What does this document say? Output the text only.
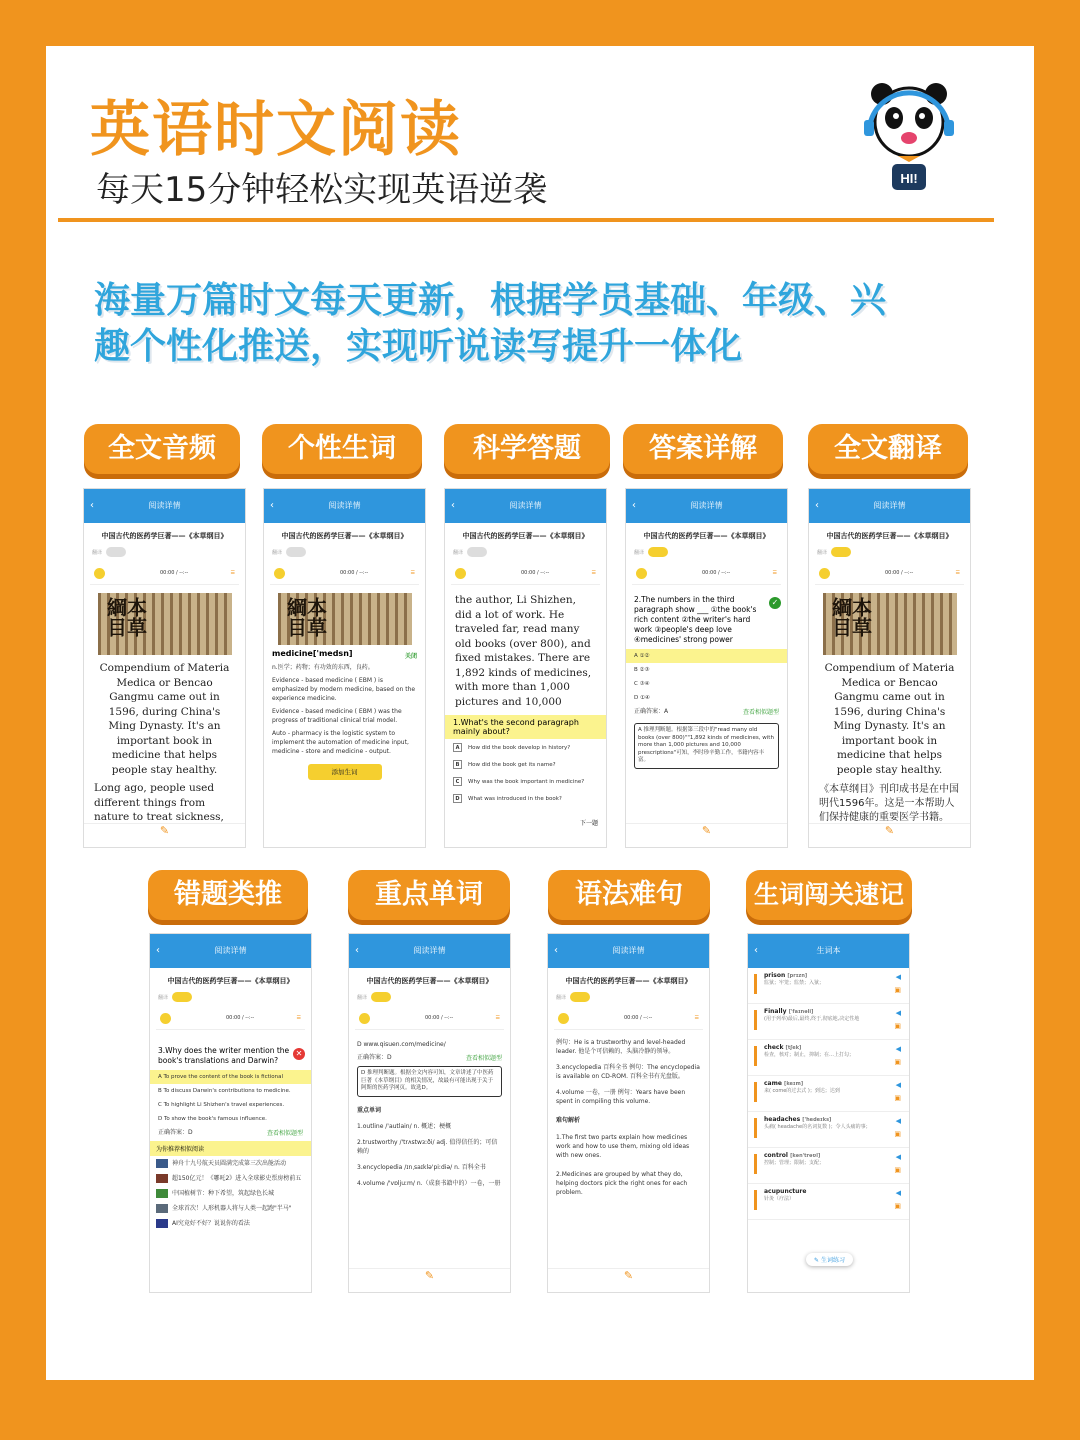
英语时文阅读
每天15分钟轻松实现英语逆袭	HI!
海量万篇时文每天更新，根据学员基础、年级、兴
趣个性化推送，实现听说读写提升一体化
全文音频
‹	阅读详情
中国古代的医药学巨著——《本草纲目》
翻译
00:00 / --:--	☰
本草綱目
Compendium of Materia Medica or Bencao Gangmu came out in 1596, during China's Ming Dynasty. It's an important book in medicine that helps people stay healthy.
Long ago, people used different things from nature to treat sickness,
✎
个性生词
‹	阅读详情
中国古代的医药学巨著——《本草纲目》
翻译
00:00 / --:--	☰
本草綱目
medicine['medsn]	关闭
n.医学；药物；有功效的东西，良药。
Evidence - based medicine ( EBM ) is emphasized by modern medicine, based on the experience medicine.
Evidence - based medicine ( EBM ) was the progress of traditional clinical trial model.
Auto - pharmacy is the logistic system to implement the automation of medicine input, medicine - store and medicine - output.
添加生词
科学答题
‹	阅读详情
中国古代的医药学巨著——《本草纲目》
翻译
00:00 / --:--	☰
the author, Li Shizhen, did a lot of work. He traveled far, read many old books (over 800), and fixed mistakes. There are 1,892 kinds of medicines, with more than 1,000 pictures and 10,000
1.What's the second paragraph mainly about?
A How did the book develop in history?
B How did the book get its name?
C Why was the book important in medicine?
D What was introduced in the book?
下一题
答案详解
‹	阅读详情
中国古代的医药学巨著——《本草纲目》
翻译
00:00 / --:--	☰
2.The numbers in the third paragraph show ___ ①the book's rich content ②the writer's hard work ③people's deep love ④medicines' strong power
✓
A ①②
B ②③
C ③④
D ①④
正确答案：A	查看相似题型
A 推理判断题。根据第三段中的"read many old books (over 800)""1,892 kinds of medicines, with more than 1,000 pictures and 10,000 prescriptions"可知，李时珍辛勤工作，书籍内容丰富。
✎
全文翻译
‹	阅读详情
中国古代的医药学巨著——《本草纲目》
翻译
00:00 / --:--	☰
本草綱目
Compendium of Materia Medica or Bencao Gangmu came out in 1596, during China's Ming Dynasty. It's an important book in medicine that helps people stay healthy.
《本草纲目》刊印成书是在中国明代1596年。这是一本帮助人们保持健康的重要医学书籍。
✎
错题类推
‹	阅读详情
中国古代的医药学巨著——《本草纲目》
翻译
00:00 / --:--	☰
3.Why does the writer mention the book's translations and Darwin?
✕
A To prove the content of the book is fictional
B To discuss Darwin's contributions to medicine.
C To highlight Li Shizhen's travel experiences.
D To show the book's famous influence.
正确答案：D	查看相似题型
为你推荐相似阅读
神舟十九号航天员圆满完成第三次出舱活动
超150亿元！《哪吒2》进入全球影史票房榜前五
中国植树节：种下希望，筑起绿色长城
全球首次！人形机器人将与人类一起跑"半马"
AI究竟好不好？说说你的看法
重点单词
‹	阅读详情
中国古代的医药学巨著——《本草纲目》
翻译
00:00 / --:--	☰
D www.qisuen.com/medicine/
正确答案：D	查看相似题型
D 推理判断题。根据全文内容可知，文章讲述了中医药巨著《本草纲目》的相关情况，故最有可能出现于关于阿斯的医药学网页。故选D。
重点单词
1.outline /'autlain/ n. 概述；梗概
2.trustworthy /'trʌstwɜːði/ adj. 值得信任的；可信赖的
3.encyclopedia /ɪnˌsaɪklə'piːdiə/ n. 百科全书
4.volume /'vɒljuːm/ n.（成套书籍中的）一卷，一册
✎
语法难句
‹	阅读详情
中国古代的医药学巨著——《本草纲目》
翻译
00:00 / --:--	☰
例句：He is a trustworthy and level-headed leader. 他是个可信赖的、头脑冷静的领导。
3.encyclopedia 百科全书 例句：The encyclopedia is available on CD-ROM. 百科全书有光盘版。
4.volume 一卷，一册 例句：Years have been spent in compiling this volume.
难句解析
1.The first two parts explain how medicines work and how to use them, mixing old ideas with new ones.
2.Medicines are grouped by what they do, helping doctors pick the right ones for each problem.
✎
生词闯关速记
‹	生词本
prison [prɪzn]
监狱；牢笼；监禁；入狱；
◀
▣
Finally ['faɪnəli]
(用于列举)最后,最终,终于,彻底地,决定性地
◀
▣
check [tʃek]
检查，核对；制止，抑制；在…上打勾；
◀
▣
came [keɪm]
来( come的过去式 )；到达；达到
◀
▣
headaches ['hedeɪks]
头痛( headache的名词复数 )；令人头痛的事；
◀
▣
control [kən'trəʊl]
控制；管理；限制；支配；
◀
▣
acupuncture
针灸（疗法）
◀
▣
✎ 生词练习
